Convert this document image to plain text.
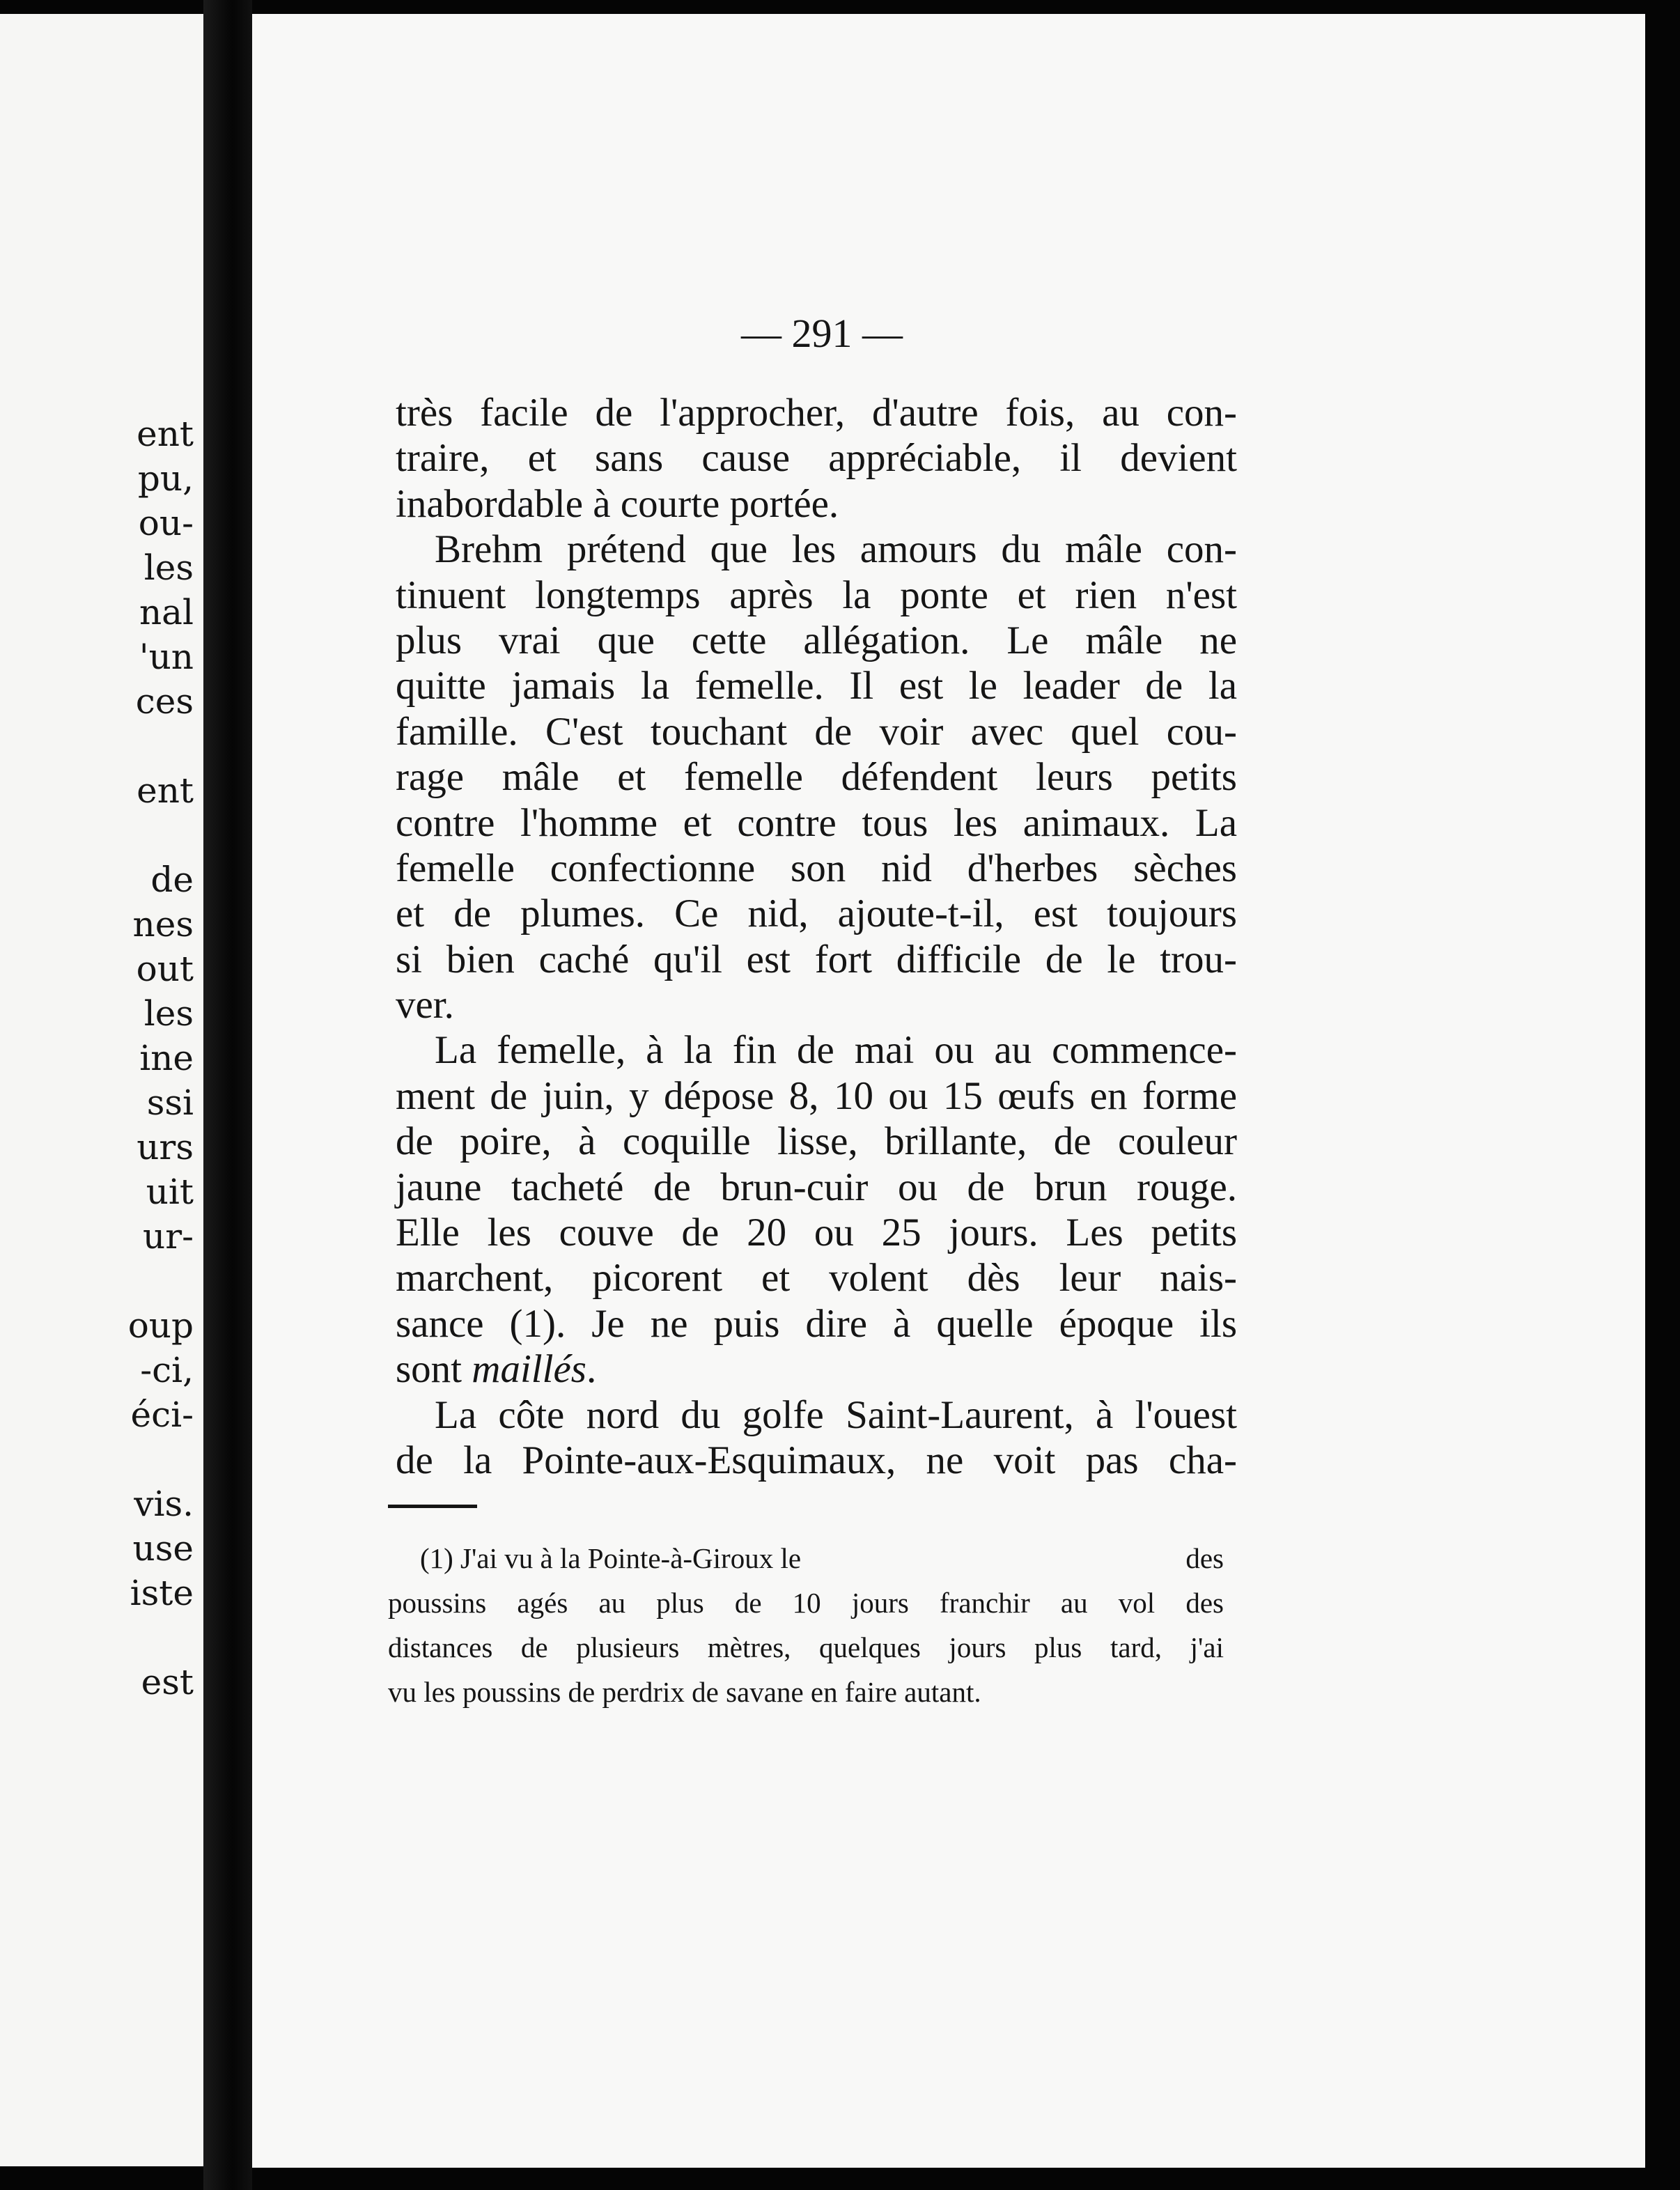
ent
pu,
ou-
les
nal
'un
ces
ent
de
nes
out
les
ine
ssi
urs
uit
ur-
oup
-ci,
éci-
vis.
use
iste
est
— 291 —
très facile de l'approcher, d'autre fois, au con-
traire, et sans cause appréciable, il devient
inabordable à courte portée.
Brehm prétend que les amours du mâle con-
tinuent longtemps après la ponte et rien n'est
plus vrai que cette allégation. Le mâle ne
quitte jamais la femelle. Il est le leader de la
famille. C'est touchant de voir avec quel cou-
rage mâle et femelle défendent leurs petits
contre l'homme et contre tous les animaux. La
femelle confectionne son nid d'herbes sèches
et de plumes. Ce nid, ajoute-t-il, est toujours
si bien caché qu'il est fort difficile de le trou-
ver.
La femelle, à la fin de mai ou au commence-
ment de juin, y dépose 8, 10 ou 15 œufs en forme
de poire, à coquille lisse, brillante, de couleur
jaune tacheté de brun-cuir ou de brun rouge.
Elle les couve de 20 ou 25 jours. Les petits
marchent, picorent et volent dès leur nais-
sance (1). Je ne puis dire à quelle époque ils
sont maillés.
La côte nord du golfe Saint-Laurent, à l'ouest
de la Pointe-aux-Esquimaux, ne voit pas cha-
(1) J'ai vu à la Pointe-à-Giroux le	des
poussins agés au plus de 10 jours franchir au vol des
distances de plusieurs mètres, quelques jours plus tard, j'ai
vu les poussins de perdrix de savane en faire autant.
